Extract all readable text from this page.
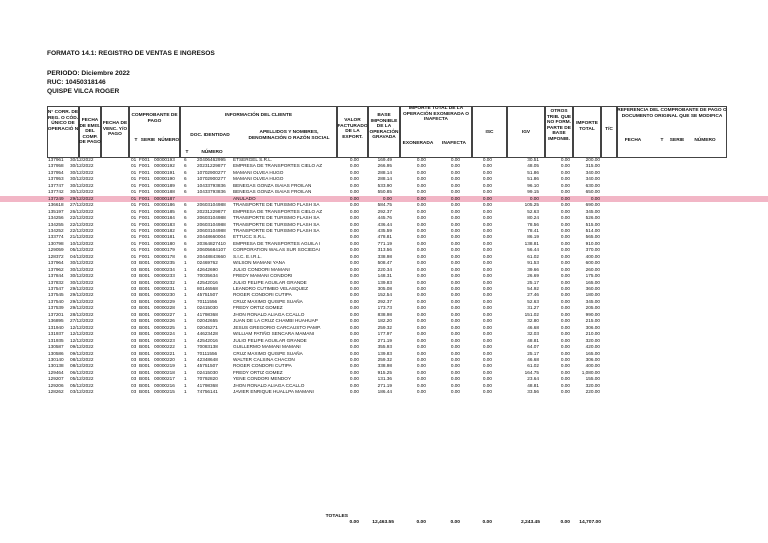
FORMATO 14.1: REGISTRO DE VENTAS E INGRESOS
PERIODO: Diciembre 2022
RUC: 10450318146
QUISPE VILCA ROGER
N° CORR. DE REG. O CÓD. ÚNICO DE OPERACIÓ N
FECHA DE EMIS. DEL COMP. DE PAGO
FECHA DE VENC. Y/O PAGO
COMPROBANTE DE PAGO
T SERIE NÚMERO
INFORMACIÓN DEL CLIENTE
DOC. IDENTIDAD
T	NÚMERO
APELLIDOS Y NOMBRES, DENOMINACIÓN O RAZÓN SOCIAL
VALOR FACTURADO DE LA EXPORT.
BASE IMPONIBLE DE LA OPERACIÓN GRAVADA
IMPORTE TOTAL DE LA OPERACIÓN EXONERADA O INAFECTA
EXONERADA	INAFECTA
ISC	IGV
OTROS TRIB. QUE NO FORM. PARTE DE BASE IMPONIB.
IMPORTE TOTAL	T/C
REFERENCIA DEL COMPROBANTE DE PAGO O DOCUMENTO ORIGINAL QUE SE MODIFICA
FECHA	T	SERIE	NÚMERO
137961	30/12/2022	01 F001 00000193	6	20406462995	ETSERGEL S.R.L.	0.00	169.49	0.00	0.00	0.00	30.51	0.00	200.00
137958	30/12/2022	01 F001 00000192	6	20231229877	EMPRESA DE TRANSPORTES CIELO AZ	0.00	266.95	0.00	0.00	0.00	48.05	0.00	315.00
137954	30/12/2022	01 F001 00000191	6	10702900277	MAMANI OLVEA HUGO	0.00	288.14	0.00	0.00	0.00	51.86	0.00	340.00
137953	30/12/2022	01 F001 00000190	6	10702900277	MAMANI OLVEA HUGO	0.00	288.14	0.00	0.00	0.00	51.86	0.00	340.00
137747	30/12/2022	01 F001 00000189	6	10433793836	BENEGAS GONZA ISAIAS FROILAN	0.00	533.90	0.00	0.00	0.00	96.10	0.00	630.00
137742	30/12/2022	01 F001 00000188	6	10433793836	BENEGAS GONZA ISAIAS FROILAN	0.00	550.85	0.00	0.00	0.00	99.15	0.00	650.00
137249	29/12/2022	01 F001 00000187	ANULADO	0.00	0.00	0.00	0.00	0.00	0.00	0.00	0.00
136618	27/12/2022	01 F001 00000186	6	20603104988	TRANSPORTE DE TURISMO FLASH SA	0.00	584.75	0.00	0.00	0.00	105.25	0.00	690.00
135197	26/12/2022	01 F001 00000185	6	20231229877	EMPRESA DE TRANSPORTES CIELO AZ	0.00	292.37	0.00	0.00	0.00	52.63	0.00	345.00
134256	22/12/2022	01 F001 00000184	6	20603104988	TRANSPORTE DE TURISMO FLASH SA	0.00	445.76	0.00	0.00	0.00	80.24	0.00	526.00
134255	22/12/2022	01 F001 00000183	6	20603104988	TRANSPORTE DE TURISMO FLASH SA	0.00	436.44	0.00	0.00	0.00	78.56	0.00	515.00
134252	22/12/2022	01 F001 00000182	6	20603104988	TRANSPORTE DE TURISMO FLASH SA	0.00	435.59	0.00	0.00	0.00	78.41	0.00	514.00
133774	21/12/2022	01 F001 00000181	6	20448660004	ETTUCC S.R.L.	0.00	478.81	0.00	0.00	0.00	86.19	0.00	565.00
130798	10/12/2022	01 F001 00000180	6	20364827410	EMPRESA DE TRANSPORTES AGUILA I	0.00	771.19	0.00	0.00	0.00	138.81	0.00	910.00
129059	05/12/2022	01 F001 00000179	6	20605684107	CORPORATION WALAS SUR SOCIEDAI	0.00	313.56	0.00	0.00	0.00	56.44	0.00	370.00
128372	04/12/2022	01 F001 00000178	6	20448843660	S.I.C. E.I.R.L.	0.00	338.98	0.00	0.00	0.00	61.02	0.00	400.00
137964	30/12/2022	03 B001 00000235	1	02469762	WILSON MAMANI YANA	0.00	508.47	0.00	0.00	0.00	91.53	0.00	600.00
137962	30/12/2022	03 B001 00000234	1	42642690	JULIO CONDORI MAMANI	0.00	220.34	0.00	0.00	0.00	39.66	0.00	260.00
137844	30/12/2022	03 B001 00000233	1	70035634	FREDY MAMANI CONDORI	0.00	148.31	0.00	0.00	0.00	26.69	0.00	175.00
137832	30/12/2022	03 B001 00000232	1	42542016	JULIO FELIPE AGUILAR GRANDE	0.00	139.83	0.00	0.00	0.00	25.17	0.00	165.00
137547	29/12/2022	03 B001 00000231	1	80146568	LEANDRO CUTIMBO VELASQUEZ	0.00	305.08	0.00	0.00	0.00	54.92	0.00	360.00
137545	29/12/2022	03 B001 00000230	1	45751507	ROGER CONDORI CUTIPA	0.00	152.54	0.00	0.00	0.00	27.46	0.00	180.00
137540	29/12/2022	03 B001 00000229	1	70111556	CRUZ MAXIMO QUISPE SUAÑA	0.00	292.37	0.00	0.00	0.00	52.63	0.00	345.00
137539	29/12/2022	03 B001 00000228	1	02415030	FREDY ORTIZ GOMEZ	0.00	173.73	0.00	0.00	0.00	31.27	0.00	205.00
137201	28/12/2022	03 B001 00000227	1	41798368	JHON RONALD ALIAGA CCALLO	0.00	838.98	0.00	0.00	0.00	151.02	0.00	990.00
136895	27/12/2022	03 B001 00000226	1	02042655	JUAN DE LA CRUZ CHAMBI HUAHUAP	0.00	182.20	0.00	0.00	0.00	32.80	0.00	215.00
131940	12/12/2022	03 B001 00000225	1	02045271	JESUS GREGORIO CARCAUSTO PAMP.	0.00	259.32	0.00	0.00	0.00	46.68	0.00	306.00
131937	12/12/2022	03 B001 00000224	1	44623428	WILLIAM PATIÑO SENCARA MAMANI	0.00	177.97	0.00	0.00	0.00	32.03	0.00	210.00
131935	12/12/2022	03 B001 00000223	1	42542016	JULIO FELIPE AGUILAR GRANDE	0.00	271.19	0.00	0.00	0.00	48.81	0.00	320.00
130587	09/12/2022	03 B001 00000222	1	70083138	GUILLERMO MAMANI MAMANI	0.00	355.93	0.00	0.00	0.00	64.07	0.00	420.00
130586	09/12/2022	03 B001 00000221	1	70111556	CRUZ MAXIMO QUISPE SUAÑA	0.00	139.83	0.00	0.00	0.00	25.17	0.00	165.00
130140	08/12/2022	03 B001 00000220	1	42348648	WALTER CALSINA CHACON	0.00	259.32	0.00	0.00	0.00	46.68	0.00	306.00
130138	08/12/2022	03 B001 00000219	1	45751507	ROGER CONDORI CUTIPA	0.00	338.98	0.00	0.00	0.00	61.02	0.00	400.00
129464	06/12/2022	03 B001 00000218	1	02415030	FREDY ORTIZ GOMEZ	0.00	915.25	0.00	0.00	0.00	164.75	0.00	1,080.00
129207	05/12/2022	03 B001 00000217	1	70792820	YENE CONDORI MENDOY	0.00	131.36	0.00	0.00	0.00	23.64	0.00	155.00
129206	05/12/2022	03 B001 00000216	1	41798368	JHON RONALD ALIAGA CCALLO	0.00	271.19	0.00	0.00	0.00	48.81	0.00	320.00
128262	03/12/2022	03 B001 00000215	1	74756141	JAVIER ENRIQUE HUALLPA MAMANI	0.00	186.44	0.00	0.00	0.00	33.56	0.00	220.00
TOTALES
0.00	12,463.55	0.00	0.00	0.00	2,243.45	0.00	14,707.00
